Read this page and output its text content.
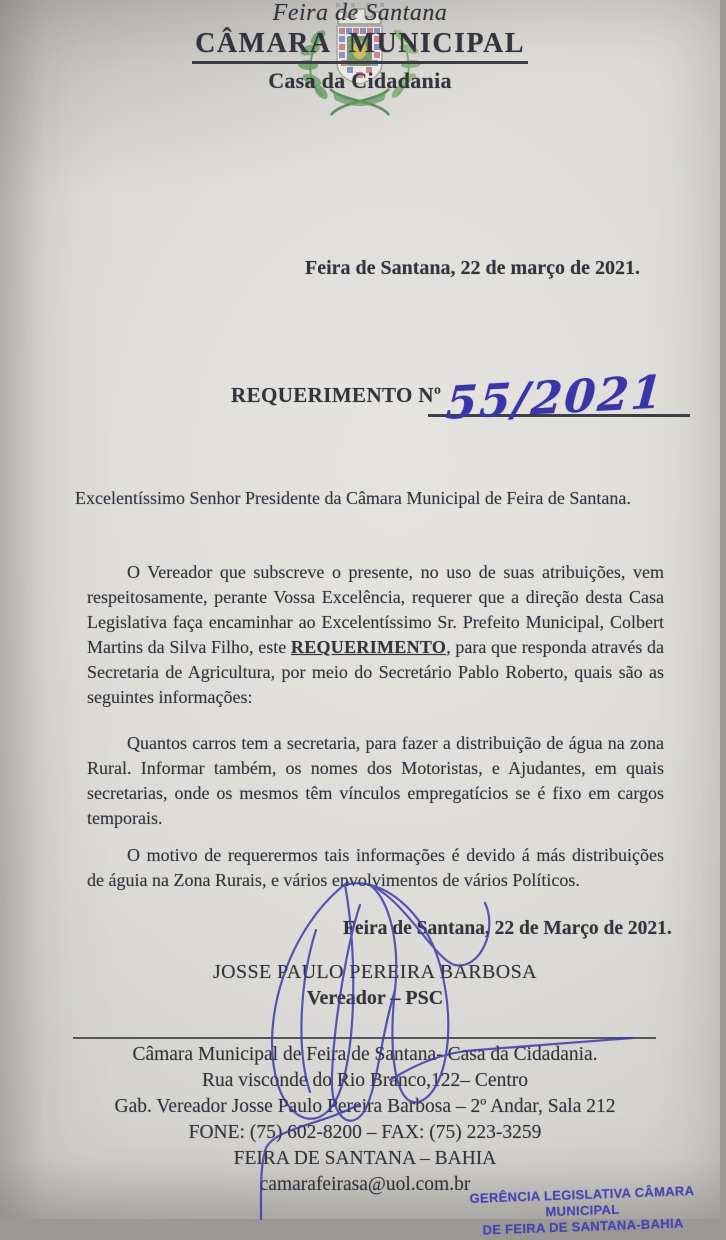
Feira de Santana
CÂMARA MUNICIPAL
Casa da Cidadania
Feira de Santana, 22 de março de 2021.
REQUERIMENTO Nº 55/2021
Excelentíssimo Senhor Presidente da Câmara Municipal de Feira de Santana.

O Vereador que subscreve o presente, no uso de suas atribuições, vem respeitosamente, perante Vossa Excelência, requerer que a direção desta Casa Legislativa faça encaminhar ao Excelentíssimo Sr. Prefeito Municipal, Colbert Martins da Silva Filho, este REQUERIMENTO, para que responda através da Secretaria de Agricultura, por meio do Secretário Pablo Roberto, quais são as seguintes informações:

Quantos carros tem a secretaria, para fazer a distribuição de água na zona Rural. Informar também, os nomes dos Motoristas, e Ajudantes, em quais secretarias, onde os mesmos têm vínculos empregatícios se é fixo em cargos temporais.

O motivo de requerermos tais informações é devido á más distribuições de águia na Zona Rurais, e vários envolvimentos de vários Políticos.

Feira de Santana, 22 de Março de 2021.
JOSSE PAULO PEREIRA BARBOSA
Vereador – PSC
Câmara Municipal de Feira de Santana- Casa da Cidadania.
Rua visconde do Rio Branco,122– Centro
Gab. Vereador Josse Paulo Pereira Barbosa – 2º Andar, Sala 212
FONE: (75) 602-8200 – FAX: (75) 223-3259
FEIRA DE SANTANA – BAHIA
camarafeirasa@uol.com.br
GERÊNCIA LEGISLATIVA CÂMARA MUNICIPAL
DE FEIRA DE SANTANA-BAHIA
